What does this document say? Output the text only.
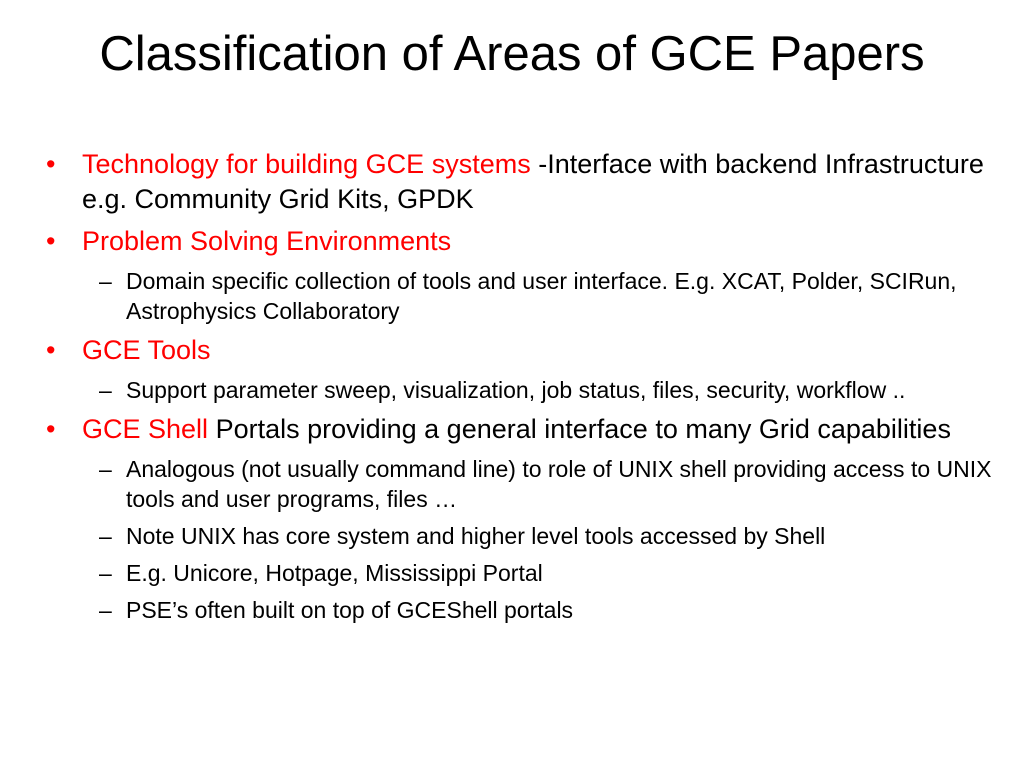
Classification of Areas of GCE Papers
• Technology for building GCE systems -Interface with backend Infrastructure e.g. Community Grid Kits, GPDK
• Problem Solving Environments
– Domain specific collection of tools and user interface. E.g. XCAT, Polder, SCIRun, Astrophysics Collaboratory
• GCE Tools
– Support parameter sweep, visualization, job status, files, security, workflow ..
• GCE Shell Portals providing a general interface to many Grid capabilities
– Analogous (not usually command line) to role of UNIX shell providing access to UNIX tools and user programs, files …
– Note UNIX has core system and higher level tools accessed by Shell
– E.g. Unicore, Hotpage, Mississippi Portal
– PSE’s often built on top of GCEShell portals
